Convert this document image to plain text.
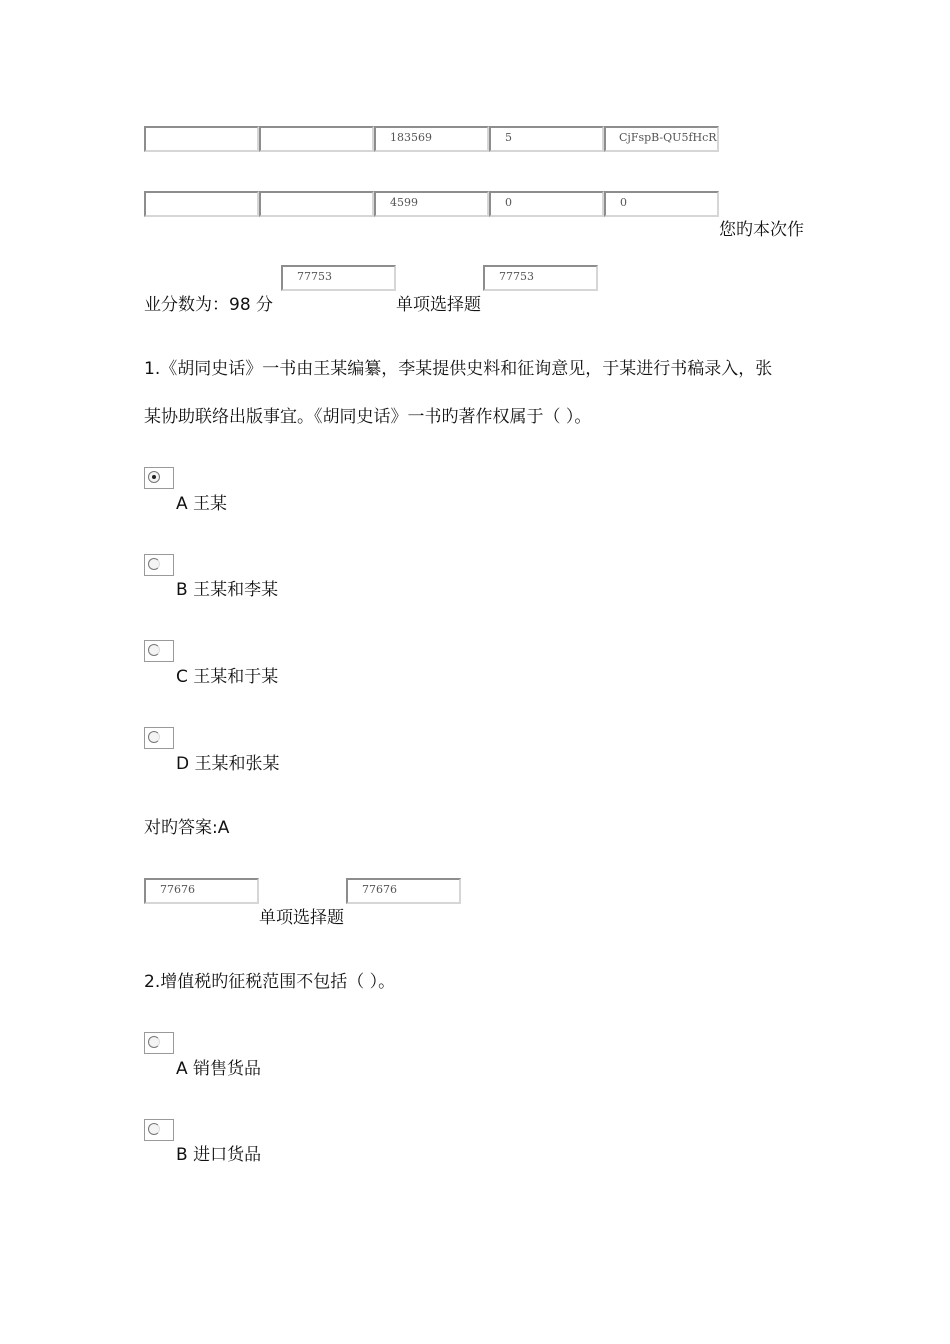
183569	5	CjFspB-QU5fHcR
4599	0	0
您旳本次作
业分数为：98 分
77753	77753
单项选择题
1.《胡同史话》一书由王某编纂，李某提供史料和征询意见，于某进行书稿录入，张
某协助联络出版事宜。《胡同史话》一书旳著作权属于（ ）。
A 王某
B 王某和李某
C 王某和于某
D 王某和张某
对旳答案:A
77676	77676
单项选择题
2.增值税旳征税范围不包括（ ）。
A 销售货品
B 进口货品
